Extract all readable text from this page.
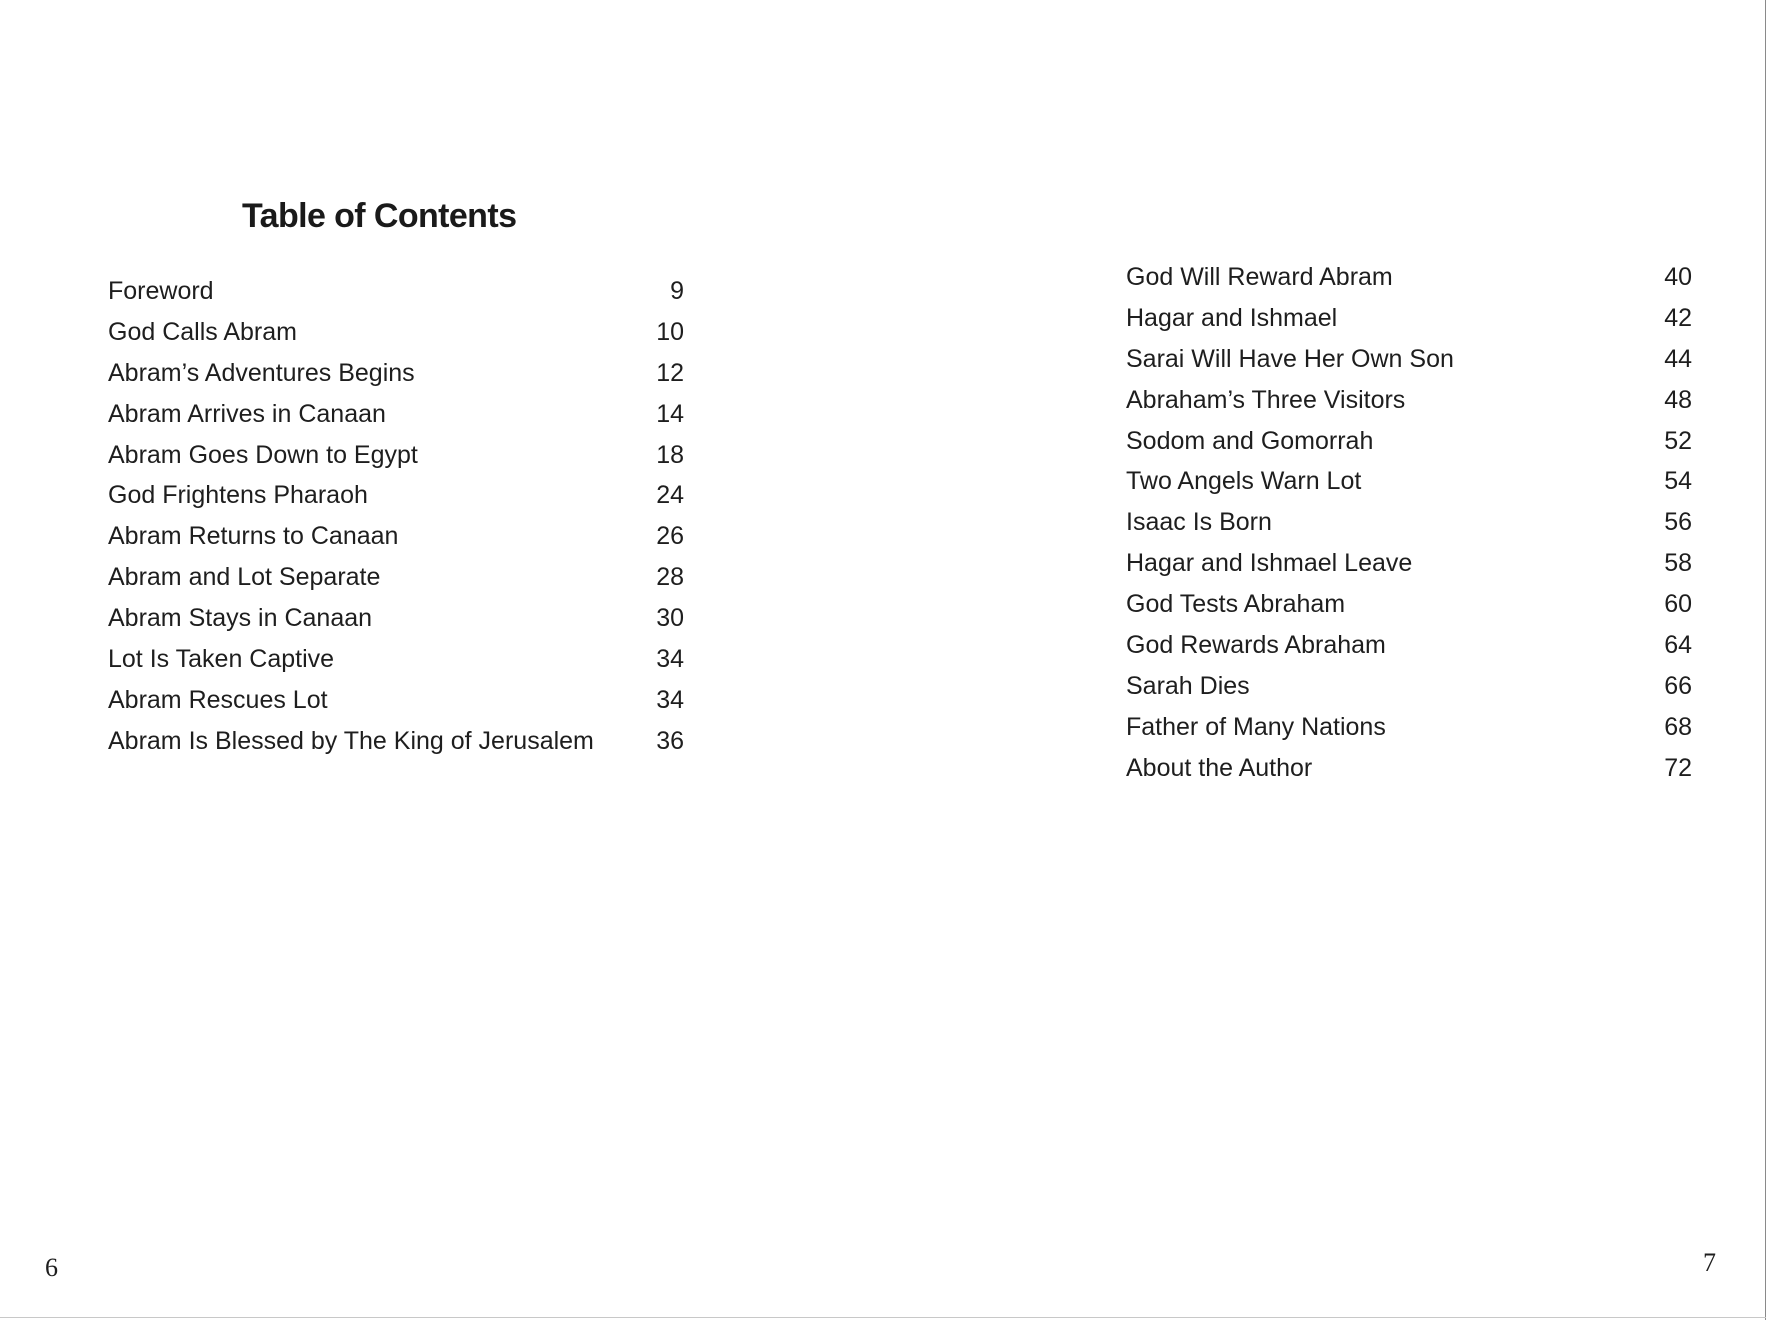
Table of Contents
Foreword	9
God Calls Abram	10
Abram’s Adventures Begins	12
Abram Arrives in Canaan	14
Abram Goes Down to Egypt	18
God Frightens Pharaoh	24
Abram Returns to Canaan	26
Abram and Lot Separate	28
Abram Stays in Canaan	30
Lot Is Taken Captive	34
Abram Rescues Lot	34
Abram Is Blessed by The King of Jerusalem 36
God Will Reward Abram	40
Hagar and Ishmael	42
Sarai Will Have Her Own Son	44
Abraham’s Three Visitors	48
Sodom and Gomorrah	52
Two Angels Warn Lot	54
Isaac Is Born	56
Hagar and Ishmael Leave	58
God Tests Abraham	60
God Rewards Abraham	64
Sarah Dies	66
Father of Many Nations	68
About the Author	72
6	7
